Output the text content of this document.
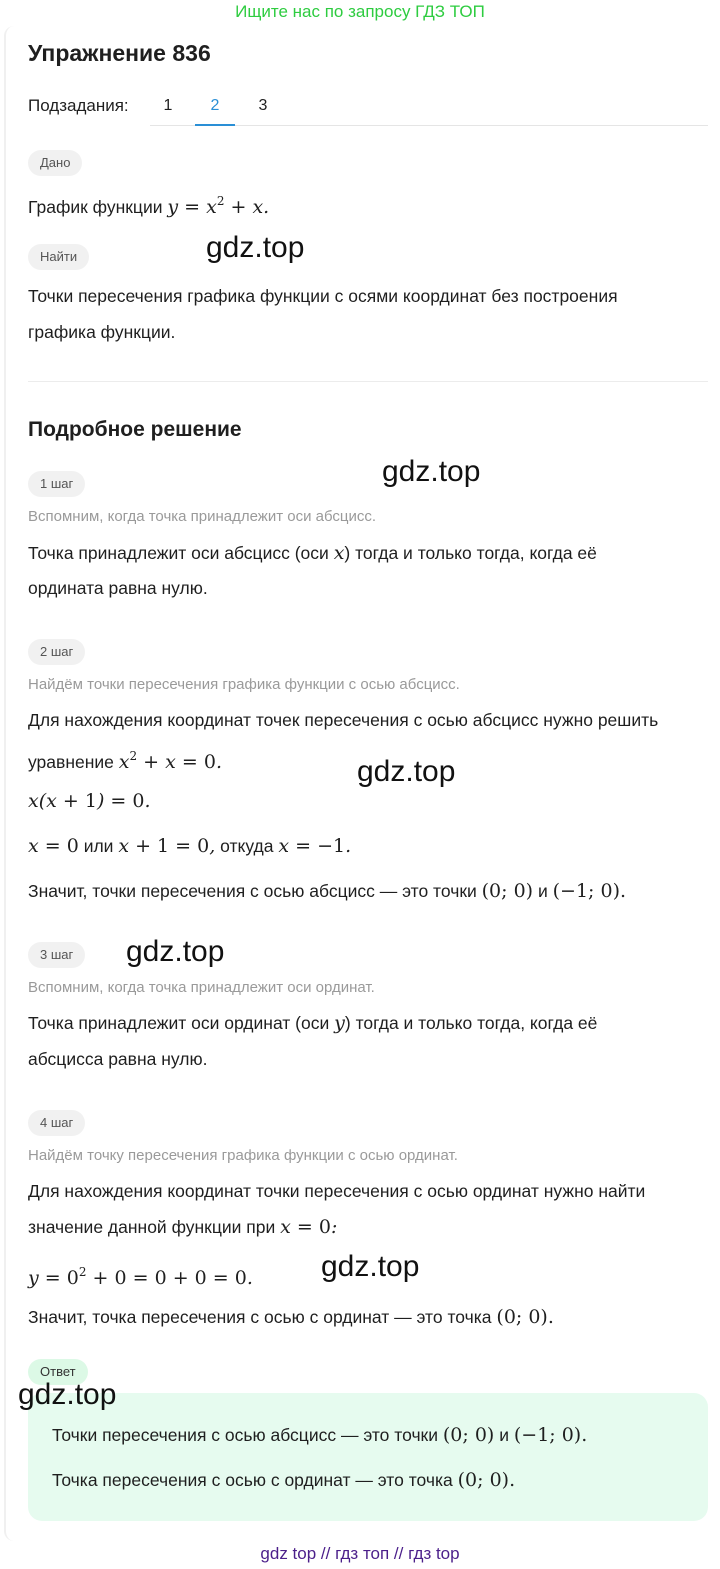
Ищите нас по запросу ГДЗ ТОП
Упражнение 836
Подзадания:	1	2	3
Дано
График функции $y = x^2 + x$.
Найти
Точки пересечения графика функции с осями координат без построения
графика функции.
Подробное решение
1 шаг
Вспомним, когда точка принадлежит оси абсцисс.
Точка принадлежит оси абсцисс (оси x) тогда и только тогда, когда её
ордината равна нулю.
2 шаг
Найдём точки пересечения графика функции с осью абсцисс.
Для нахождения координат точек пересечения с осью абсцисс нужно решить
уравнение $x^2 + x = 0$.
x(x + 1) = 0.
x = 0 или x + 1 = 0, откуда x = −1.
Значит, точки пересечения с осью абсцисс — это точки (0; 0) и (−1; 0).
3 шаг
Вспомним, когда точка принадлежит оси ординат.
Точка принадлежит оси ординат (оси y) тогда и только тогда, когда её
абсцисса равна нулю.
4 шаг
Найдём точку пересечения графика функции с осью ординат.
Для нахождения координат точки пересечения с осью ординат нужно найти
значение данной функции при x = 0:
$y = 0^2 + 0 = 0 + 0 = 0$.
Значит, точка пересечения с осью с ординат — это точка (0; 0).
Ответ
Точки пересечения с осью абсцисс — это точки (0; 0) и (−1; 0).
Точка пересечения с осью с ординат — это точка (0; 0).
gdz.top
gdz.top
gdz.top
gdz.top
gdz.top
gdz.top
gdz top // гдз топ // гдз top
